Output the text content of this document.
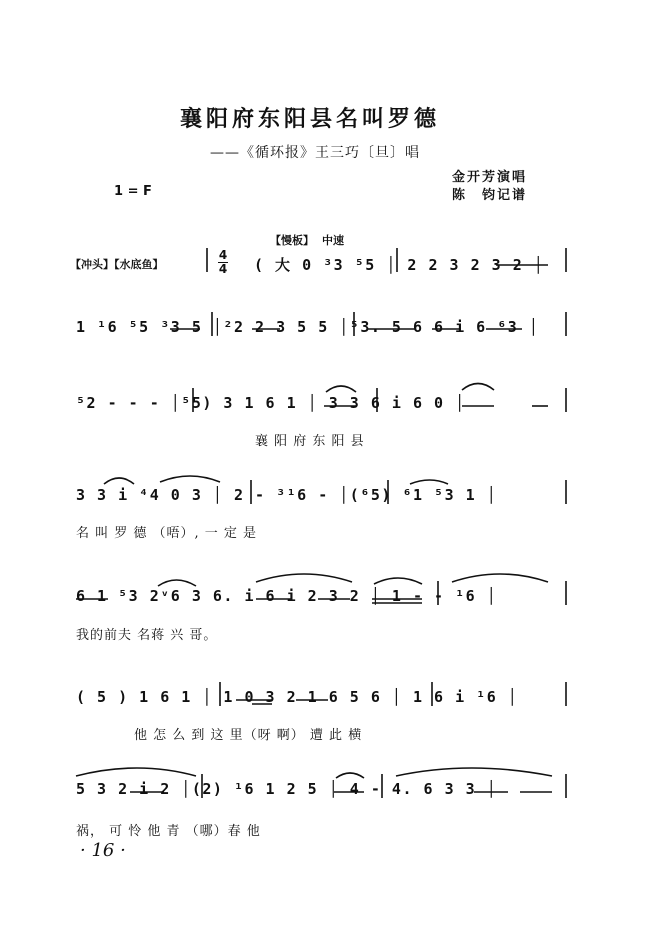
襄阳府东阳县名叫罗德
——《循环报》王三巧〔旦〕唱
金开芳演唱
陈　钧记谱
1 = F
【慢板】 中速
【冲头】【水底鱼】
4
4 ( 大 0 ³3 ⁵5 │ 2 2 3 2 3 2 │
1 ¹6 ⁵5 ³3 5 │²2 2 3 5 5 │⁵3. 5 6 6 i 6 ⁶3 │
⁵2 - - - │⁵5) 3 1 6 1 │ 3 3 6 i 6 0 │
襄 阳 府 东 阳 县
3 3 i ⁴4 0 3 │ 2 - ³¹6 - │(⁶5) ⁶1 ⁵3 1 │
名 叫 罗 德 （唔）, 一 定 是
6 1 ⁵3 2ᵛ6 3 6. i 6 i 2 3 2 │ 1 - - ¹6 │
我的前夫 名蒋 兴 哥。
( 5 ) 1 6 1 │ 1 0 3 2 1 6 5 6 │ 1 6 i ¹6 │
他 怎 么 到 这 里（呀 啊） 遭 此 横
5 3 2 i 2 │(2) ¹6 1 2 5 │ 4 - 4. 6 3 3 │
祸， 可 怜 他 青 （哪）春 他
· 16 ·
